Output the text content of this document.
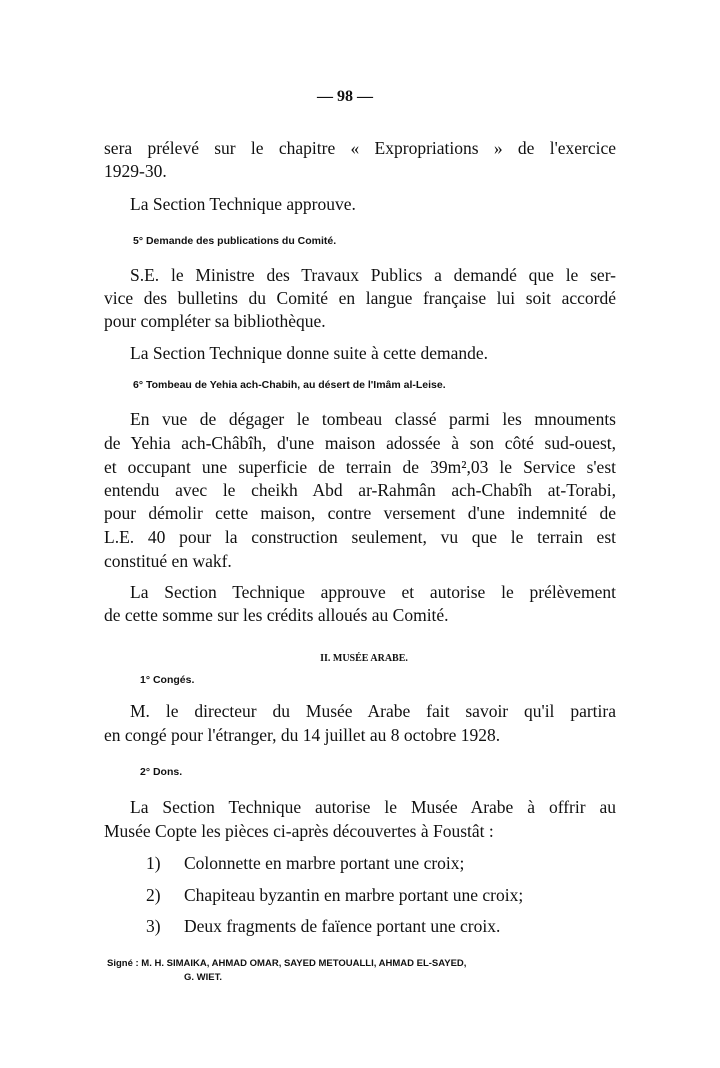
— 98 —
sera prélevé sur le chapitre « Expropriations » de l'exercice
1929-30.
La Section Technique approuve.
5° Demande des publications du Comité.
S.E. le Ministre des Travaux Publics a demandé que le ser-
vice des bulletins du Comité en langue française lui soit accordé
pour compléter sa bibliothèque.
La Section Technique donne suite à cette demande.
6° Tombeau de Yehia ach-Chabih, au désert de l'Imâm al-Leise.
En vue de dégager le tombeau classé parmi les mnouments
de Yehia ach-Châbîh, d'une maison adossée à son côté sud-ouest,
et occupant une superficie de terrain de 39m²,03 le Service s'est
entendu avec le cheikh Abd ar-Rahmân ach-Chabîh at-Torabi,
pour démolir cette maison, contre versement d'une indemnité de
L.E. 40 pour la construction seulement, vu que le terrain est
constitué en wakf.
La Section Technique approuve et autorise le prélèvement
de cette somme sur les crédits alloués au Comité.
II. MUSÉE ARABE.
1° Congés.
M. le directeur du Musée Arabe fait savoir qu'il partira
en congé pour l'étranger, du 14 juillet au 8 octobre 1928.
2° Dons.
La Section Technique autorise le Musée Arabe à offrir au
Musée Copte les pièces ci-après découvertes à Foustât :
1) Colonnette en marbre portant une croix;
2) Chapiteau byzantin en marbre portant une croix;
3) Deux fragments de faïence portant une croix.
Signé : M. H. SIMAIKA, AHMAD OMAR, SAYED METOUALLI, AHMAD EL-SAYED,
G. WIET.
